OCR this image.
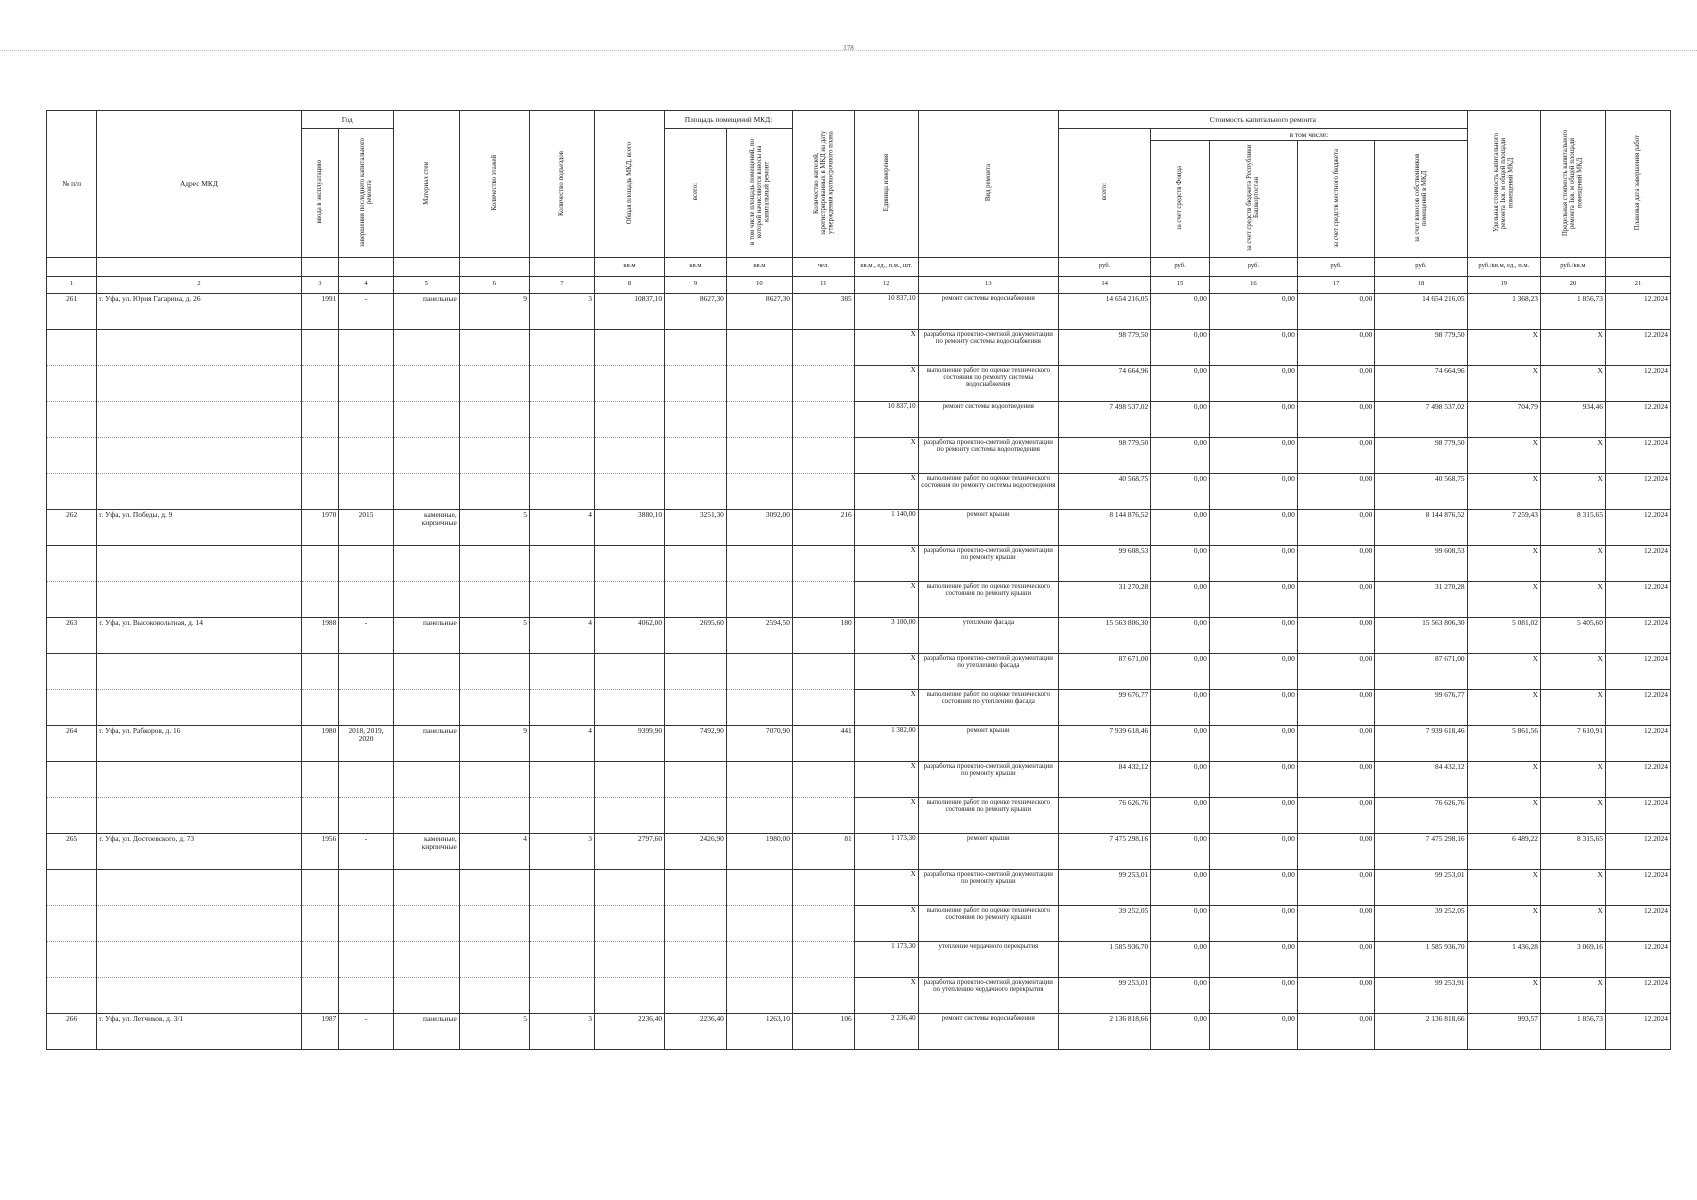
178
№ п/п	Адрес МКД	Год		Материал стен	Количество этажей	Количество подъездов	Общая площадь МКД, всего	Площадь помещений МКД:		Количество жителей, зарегистрированных в МКД на дату утверждения краткосрочного плана	Единица измерения	Вид ремонта	Стоимость капитального ремонта					Удельная стоимость капитального ремонта 1кв. м общей площади помещений МКД	Предельная стоимость капитального ремонта 1кв. м общей площади помещений МКД	Плановая дата завершения работ
		ввода в эксплуатацию	завершения последнего капитального ремонта					всего:	в том числе площадь помещений, по которой начисляются взносы на капитальный ремонт				всего:	в том числе:						
														за счет средств Фонда	за счет средств бюджета Республики Башкортостан	за счет средств местного бюджета	за счет взносов собственников помещений в МКД			
							кв.м	кв.м	кв.м	чел.	кв.м., ед., п.м., шт.		руб.	руб.	руб.	руб.	руб.	руб./кв.м, ед., п.м.	руб./кв.м	
1	2	3	4	5	6	7	8	9	10	11	12	13	14	15	16	17	18	19	20	21
261	г. Уфа, ул. Юрия Гагарина, д. 26	1991	-	панельные	9	3	10837,10	8627,30	8627,30	385	10 837,10	ремонт системы водоснабжения	14 654 216,05	0,00	0,00	0,00	14 654 216,05	1 368,23	1 856,73	12.2024
											X	разработка проектно-сметной документации по ремонту системы водоснабжения	98 779,50	0,00	0,00	0,00	98 779,50	X	X	12.2024
											X	выполнение работ по оценке технического состояния по ремонту системы водоснабжения	74 664,96	0,00	0,00	0,00	74 664,96	X	X	12.2024
											10 837,10	ремонт системы водоотведения	7 498 537,02	0,00	0,00	0,00	7 498 537,02	704,79	934,46	12.2024
											X	разработка проектно-сметной документации по ремонту системы водоотведения	98 779,50	0,00	0,00	0,00	98 779,50	X	X	12.2024
											X	выполнение работ по оценке технического состояния по ремонту системы водоотведения	40 568,75	0,00	0,00	0,00	40 568,75	X	X	12.2024
262	г. Уфа, ул. Победы, д. 9	1970	2015	каменные, кирпичные	5	4	3880,10	3251,30	3092,00	216	1 140,00	ремонт крыши	8 144 876,52	0,00	0,00	0,00	8 144 876,52	7 259,43	8 315,65	12.2024
											X	разработка проектно-сметной документации по ремонту крыши	99 608,53	0,00	0,00	0,00	99 608,53	X	X	12.2024
											X	выполнение работ по оценке технического состояния по ремонту крыши	31 270,28	0,00	0,00	0,00	31 270,28	X	X	12.2024
263	г. Уфа, ул. Высоковольтная, д. 14	1988	-	панельные	5	4	4062,00	2695,60	2594,50	180	3 100,00	утепление фасада	15 563 806,30	0,00	0,00	0,00	15 563 806,30	5 081,02	5 405,60	12.2024
											X	разработка проектно-сметной документации по утеплению фасада	87 671,00	0,00	0,00	0,00	87 671,00	X	X	12.2024
											X	выполнение работ по оценке технического состояния по утеплению фасада	99 676,77	0,00	0,00	0,00	99 676,77	X	X	12.2024
264	г. Уфа, ул. Рабкоров, д. 16	1980	2018, 2019, 2020	панельные	9	4	9399,90	7492,90	7070,90	441	1 382,00	ремонт крыши	7 939 618,46	0,00	0,00	0,00	7 939 618,46	5 861,56	7 610,91	12.2024
											X	разработка проектно-сметной документации по ремонту крыши	84 432,12	0,00	0,00	0,00	84 432,12	X	X	12.2024
											X	выполнение работ по оценке технического состояния по ремонту крыши	76 626,76	0,00	0,00	0,00	76 626,76	X	X	12.2024
265	г. Уфа, ул. Достоевского, д. 73	1956	-	каменные, кирпичные	4	3	2797,60	2426,90	1980,00	81	1 173,30	ремонт крыши	7 475 298,16	0,00	0,00	0,00	7 475 298,16	6 489,22	8 315,65	12.2024
											X	разработка проектно-сметной документации по ремонту крыши	99 253,01	0,00	0,00	0,00	99 253,01	X	X	12.2024
											X	выполнение работ по оценке технического состояния по ремонту крыши	39 252,05	0,00	0,00	0,00	39 252,05	X	X	12.2024
											1 173,30	утепление чердачного перекрытия	1 585 936,70	0,00	0,00	0,00	1 585 936,70	1 436,28	3 069,16	12.2024
											X	разработка проектно-сметной документации по утеплению чердачного перекрытия	99 253,01	0,00	0,00	0,00	99 253,91	X	X	12.2024
266	г. Уфа, ул. Летчиков, д. 3/1	1987	-	панельные	5	3	2236,40	2236,40	1263,10	106	2 236,40	ремонт системы водоснабжения	2 136 818,66	0,00	0,00	0,00	2 136 818,66	993,57	1 856,73	12.2024
